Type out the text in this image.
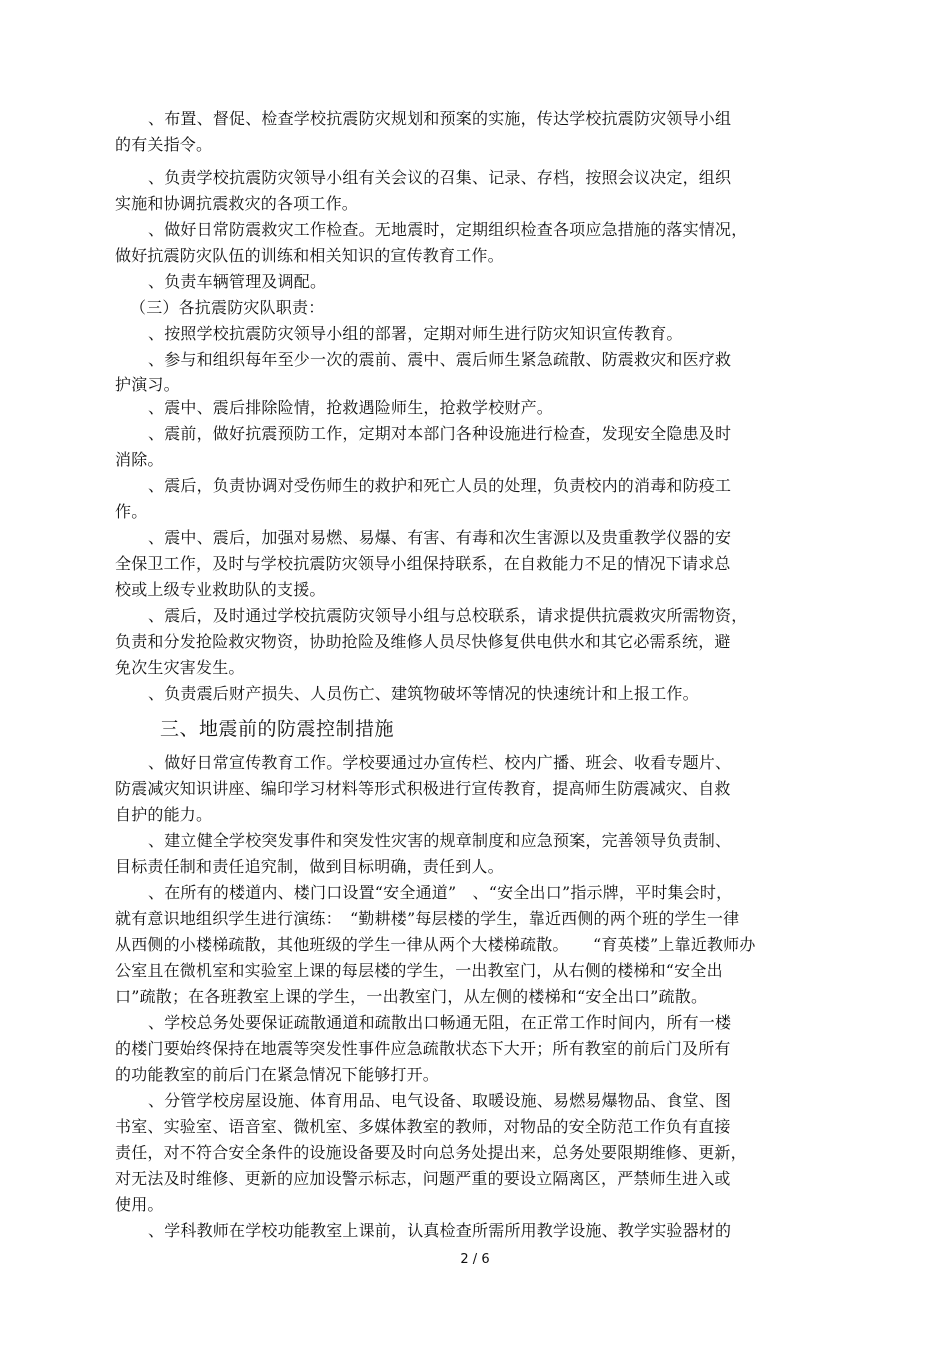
、布置、督促、检查学校抗震防灾规划和预案的实施，传达学校抗震防灾领导小组
的有关指令。
、负责学校抗震防灾领导小组有关会议的召集、记录、存档，按照会议决定，组织
实施和协调抗震救灾的各项工作。
、做好日常防震救灾工作检查。无地震时，定期组织检查各项应急措施的落实情况，
做好抗震防灾队伍的训练和相关知识的宣传教育工作。
、负责车辆管理及调配。
（三）各抗震防灾队职责：
、按照学校抗震防灾领导小组的部署，定期对师生进行防灾知识宣传教育。
、参与和组织每年至少一次的震前、震中、震后师生紧急疏散、防震救灾和医疗救
护演习。
、震中、震后排除险情，抢救遇险师生，抢救学校财产。
、震前，做好抗震预防工作，定期对本部门各种设施进行检查，发现安全隐患及时
消除。
、震后，负责协调对受伤师生的救护和死亡人员的处理，负责校内的消毒和防疫工
作。
、震中、震后，加强对易燃、易爆、有害、有毒和次生害源以及贵重教学仪器的安
全保卫工作，及时与学校抗震防灾领导小组保持联系，在自救能力不足的情况下请求总
校或上级专业救助队的支援。
、震后，及时通过学校抗震防灾领导小组与总校联系，请求提供抗震救灾所需物资，
负责和分发抢险救灾物资，协助抢险及维修人员尽快修复供电供水和其它必需系统，避
免次生灾害发生。
、负责震后财产损失、人员伤亡、建筑物破坏等情况的快速统计和上报工作。
三、地震前的防震控制措施
、做好日常宣传教育工作。学校要通过办宣传栏、校内广播、班会、收看专题片、
防震减灾知识讲座、编印学习材料等形式积极进行宣传教育，提高师生防震减灾、自救
自护的能力。
、建立健全学校突发事件和突发性灾害的规章制度和应急预案，完善领导负责制、
目标责任制和责任追究制，做到目标明确，责任到人。
、在所有的楼道内、楼门口设置“安全通道”　、“安全出口”指示牌，平时集会时，
就有意识地组织学生进行演练：　“勤耕楼”每层楼的学生，靠近西侧的两个班的学生一律
从西侧的小楼梯疏散，其他班级的学生一律从两个大楼梯疏散。　　“育英楼”上靠近教师办
公室且在微机室和实验室上课的每层楼的学生，一出教室门，从右侧的楼梯和“安全出
口”疏散；在各班教室上课的学生，一出教室门，从左侧的楼梯和“安全出口”疏散。
、学校总务处要保证疏散通道和疏散出口畅通无阻，在正常工作时间内，所有一楼
的楼门要始终保持在地震等突发性事件应急疏散状态下大开；所有教室的前后门及所有
的功能教室的前后门在紧急情况下能够打开。
、分管学校房屋设施、体育用品、电气设备、取暖设施、易燃易爆物品、食堂、图
书室、实验室、语音室、微机室、多媒体教室的教师，对物品的安全防范工作负有直接
责任，对不符合安全条件的设施设备要及时向总务处提出来，总务处要限期维修、更新，
对无法及时维修、更新的应加设警示标志，问题严重的要设立隔离区，严禁师生进入或
使用。
、学科教师在学校功能教室上课前，认真检查所需所用教学设施、教学实验器材的
2 / 6
